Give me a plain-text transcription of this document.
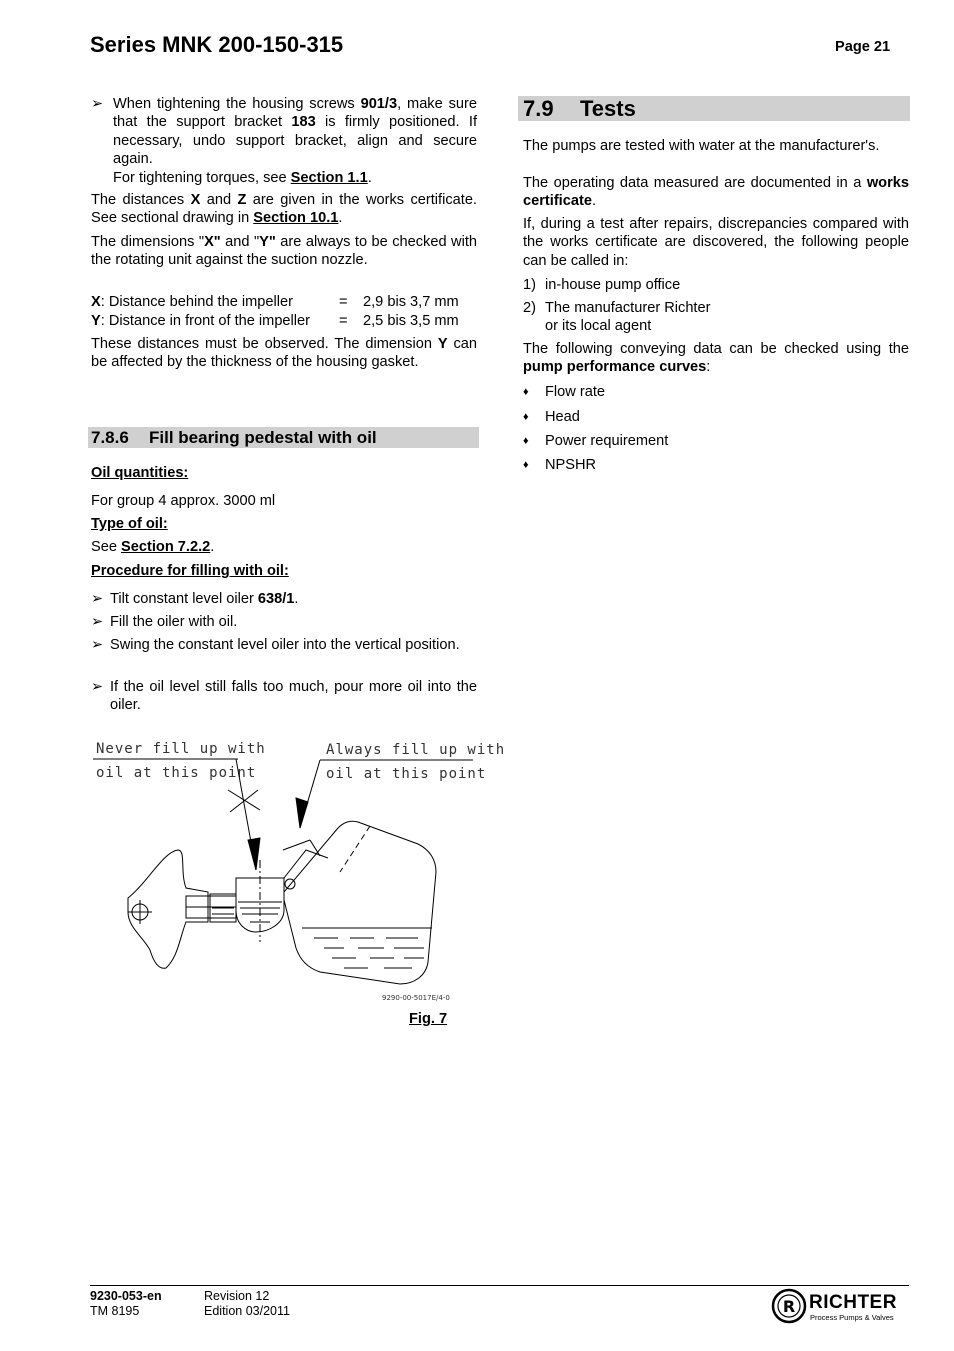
Series MNK 200-150-315	Page 21
➢ When tightening the housing screws 901/3, make sure that the support bracket 183 is firmly positioned. If necessary, undo support bracket, align and secure again.
For tightening torques, see Section 1.1.

The distances X and Z are given in the works certificate. See sectional drawing in Section 10.1.

The dimensions "X" and "Y" are always to be checked with the rotating unit against the suction nozzle.

X: Distance behind the impeller	= 2,9 bis 3,7 mm
Y: Distance in front of the impeller = 2,5 bis 3,5 mm

These distances must be observed. The dimension Y can be affected by the thickness of the housing gasket.

7.8.6 Fill bearing pedestal with oil
Oil quantities:
For group 4 approx. 3000 ml
Type of oil:
See Section 7.2.2.
Procedure for filling with oil:
➢ Tilt constant level oiler 638/1.
➢ Fill the oiler with oil.
➢ Swing the constant level oiler into the vertical position.
➢ If the oil level still falls too much, pour more oil into the oiler.
Never fill up with
oil at this point
Always fill up with
oil at this point
9290-00-5017E/4-0
Fig. 7
7.9 Tests

The pumps are tested with water at the manufacturer's.

The operating data measured are documented in a works certificate.

If, during a test after repairs, discrepancies compared with the works certificate are discovered, the following people can be called in:

1) in-house pump office
2) The manufacturer Richter
or its local agent

The following conveying data can be checked using the pump performance curves:

♦ Flow rate
♦ Head
♦ Power requirement
♦ NPSHR
9230-053-en
TM 8195
Revision 12
Edition 03/2011	R RICHTER
Process Pumps & Valves
